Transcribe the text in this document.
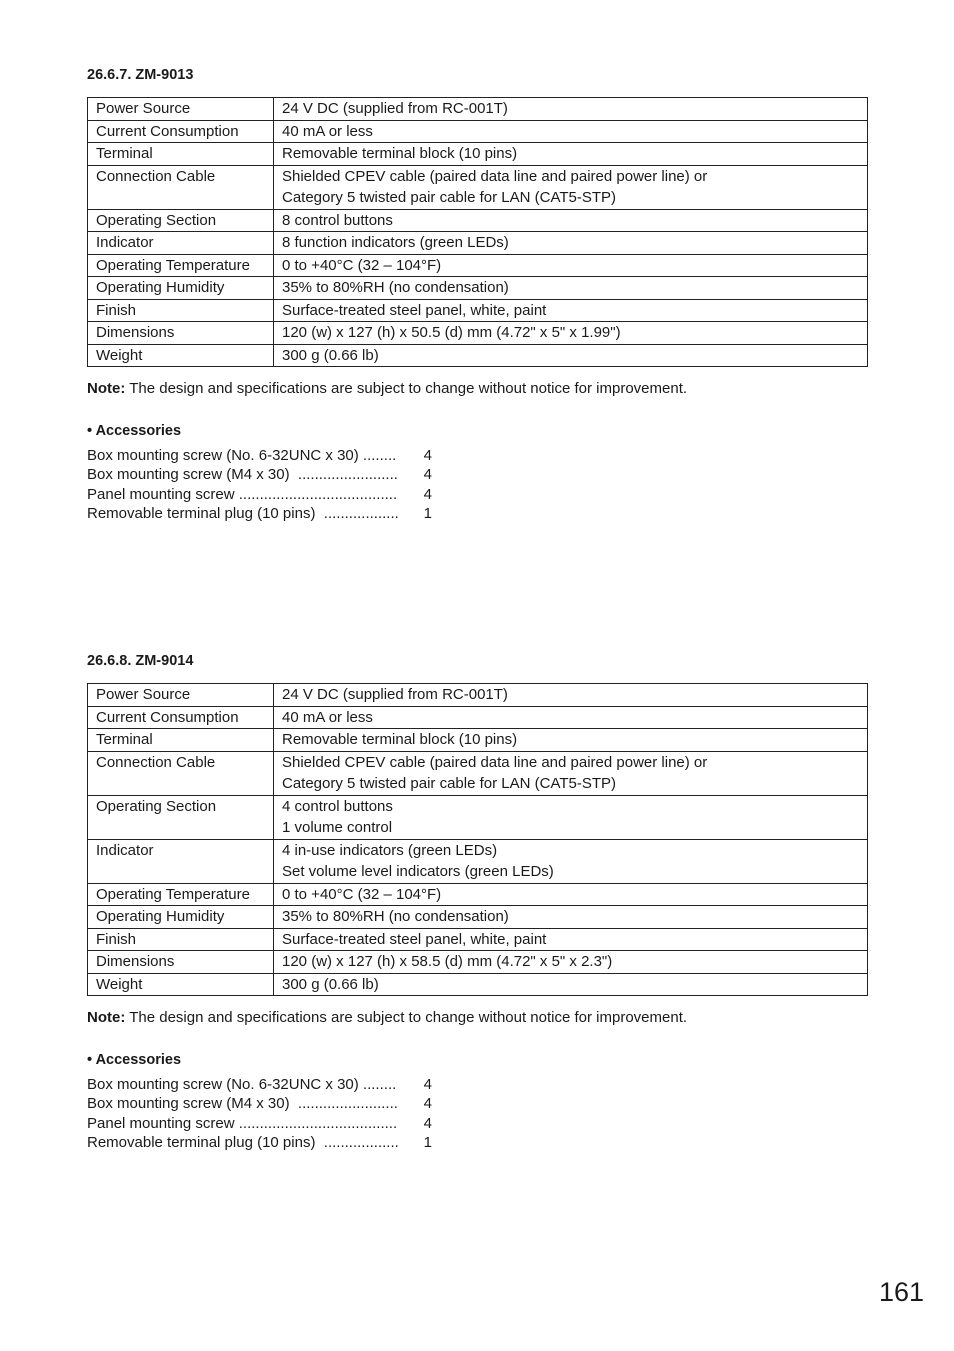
26.6.7. ZM-9013

Power Source	24 V DC (supplied from RC-001T)

Current Consumption	40 mA or less

Terminal	Removable terminal block (10 pins)

Connection Cable	Shielded CPEV cable (paired data line and paired power line) or
Category 5 twisted pair cable for LAN (CAT5-STP)

Operating Section	8 control buttons

Indicator	8 function indicators (green LEDs)

Operating Temperature	0 to +40°C (32 – 104°F)

Operating Humidity	35% to 80%RH (no condensation)

Finish	Surface-treated steel panel, white, paint

Dimensions	120 (w) x 127 (h) x 50.5 (d) mm (4.72" x 5" x 1.99")

Weight	300 g (0.66 lb)
Note: The design and specifications are subject to change without notice for improvement.
• Accessories
Box mounting screw (No. 6-32UNC x 30) ........	4
Box mounting screw (M4 x 30) ........................	4
Panel mounting screw ......................................	4
Removable terminal plug (10 pins) ..................	1

26.6.8. ZM-9014

Power Source	24 V DC (supplied from RC-001T)

Current Consumption	40 mA or less

Terminal	Removable terminal block (10 pins)

Connection Cable	Shielded CPEV cable (paired data line and paired power line) or
Category 5 twisted pair cable for LAN (CAT5-STP)

Operating Section	4 control buttons
1 volume control

Indicator	4 in-use indicators (green LEDs)
Set volume level indicators (green LEDs)

Operating Temperature	0 to +40°C (32 – 104°F)

Operating Humidity	35% to 80%RH (no condensation)

Finish	Surface-treated steel panel, white, paint

Dimensions	120 (w) x 127 (h) x 58.5 (d) mm (4.72" x 5" x 2.3")

Weight	300 g (0.66 lb)
Note: The design and specifications are subject to change without notice for improvement.
• Accessories
Box mounting screw (No. 6-32UNC x 30) ........	4
Box mounting screw (M4 x 30) ........................	4
Panel mounting screw ......................................	4
Removable terminal plug (10 pins) ..................	1
161
